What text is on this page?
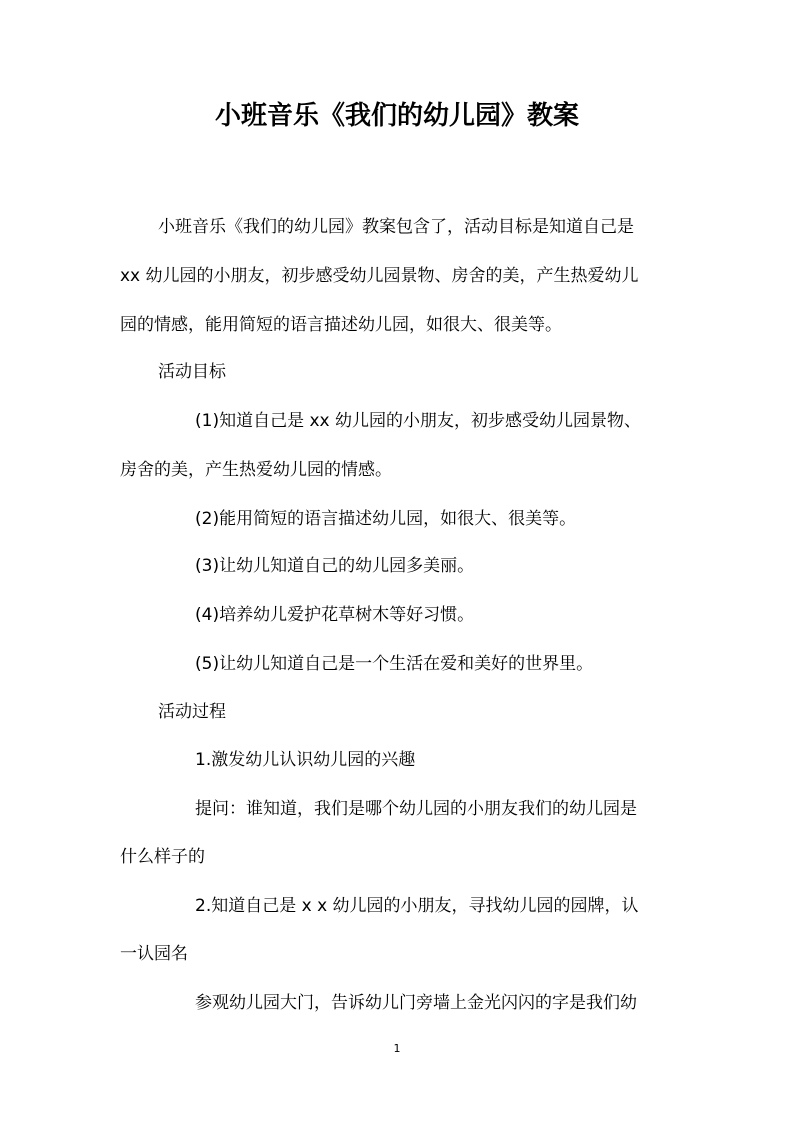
小班音乐《我们的幼儿园》教案
小班音乐《我们的幼儿园》教案包含了，活动目标是知道自己是
xx 幼儿园的小朋友，初步感受幼儿园景物、房舍的美，产生热爱幼儿
园的情感，能用简短的语言描述幼儿园，如很大、很美等。
活动目标
(1)知道自己是 xx 幼儿园的小朋友，初步感受幼儿园景物、
房舍的美，产生热爱幼儿园的情感。
(2)能用简短的语言描述幼儿园，如很大、很美等。
(3)让幼儿知道自己的幼儿园多美丽。
(4)培养幼儿爱护花草树木等好习惯。
(5)让幼儿知道自己是一个生活在爱和美好的世界里。
活动过程
1.激发幼儿认识幼儿园的兴趣
提问：谁知道，我们是哪个幼儿园的小朋友我们的幼儿园是
什么样子的
2.知道自己是 x x 幼儿园的小朋友，寻找幼儿园的园牌，认
一认园名
参观幼儿园大门，告诉幼儿门旁墙上金光闪闪的字是我们幼
1
